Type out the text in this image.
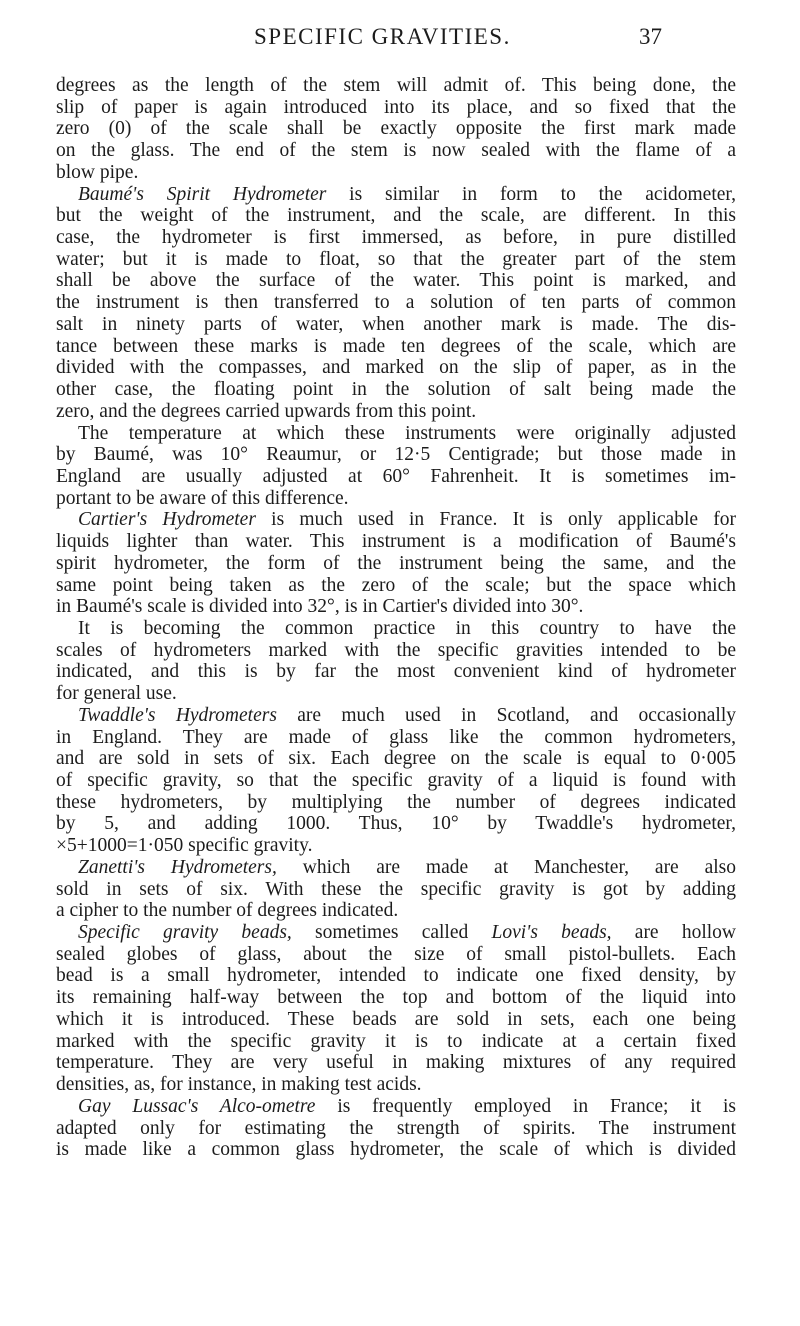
SPECIFIC GRAVITIES.	37
degrees as the length of the stem will admit of. This being done, the
slip of paper is again introduced into its place, and so fixed that the
zero (0) of the scale shall be exactly opposite the first mark made
on the glass. The end of the stem is now sealed with the flame of a
blow pipe.
Baumé's Spirit Hydrometer is similar in form to the acidometer,
but the weight of the instrument, and the scale, are different. In this
case, the hydrometer is first immersed, as before, in pure distilled
water; but it is made to float, so that the greater part of the stem
shall be above the surface of the water. This point is marked, and
the instrument is then transferred to a solution of ten parts of common
salt in ninety parts of water, when another mark is made. The dis-
tance between these marks is made ten degrees of the scale, which are
divided with the compasses, and marked on the slip of paper, as in the
other case, the floating point in the solution of salt being made the
zero, and the degrees carried upwards from this point.
The temperature at which these instruments were originally adjusted
by Baumé, was 10° Reaumur, or 12·5 Centigrade; but those made in
England are usually adjusted at 60° Fahrenheit. It is sometimes im-
portant to be aware of this difference.
Cartier's Hydrometer is much used in France. It is only applicable for
liquids lighter than water. This instrument is a modification of Baumé's
spirit hydrometer, the form of the instrument being the same, and the
same point being taken as the zero of the scale; but the space which
in Baumé's scale is divided into 32°, is in Cartier's divided into 30°.
It is becoming the common practice in this country to have the
scales of hydrometers marked with the specific gravities intended to be
indicated, and this is by far the most convenient kind of hydrometer
for general use.
Twaddle's Hydrometers are much used in Scotland, and occasionally
in England. They are made of glass like the common hydrometers,
and are sold in sets of six. Each degree on the scale is equal to 0·005
of specific gravity, so that the specific gravity of a liquid is found with
these hydrometers, by multiplying the number of degrees indicated
by 5, and adding 1000. Thus, 10° by Twaddle's hydrometer,
×5+1000=1·050 specific gravity.
Zanetti's Hydrometers, which are made at Manchester, are also
sold in sets of six. With these the specific gravity is got by adding
a cipher to the number of degrees indicated.
Specific gravity beads, sometimes called Lovi's beads, are hollow
sealed globes of glass, about the size of small pistol-bullets. Each
bead is a small hydrometer, intended to indicate one fixed density, by
its remaining half-way between the top and bottom of the liquid into
which it is introduced. These beads are sold in sets, each one being
marked with the specific gravity it is to indicate at a certain fixed
temperature. They are very useful in making mixtures of any required
densities, as, for instance, in making test acids.
Gay Lussac's Alco-ometre is frequently employed in France; it is
adapted only for estimating the strength of spirits. The instrument
is made like a common glass hydrometer, the scale of which is divided
